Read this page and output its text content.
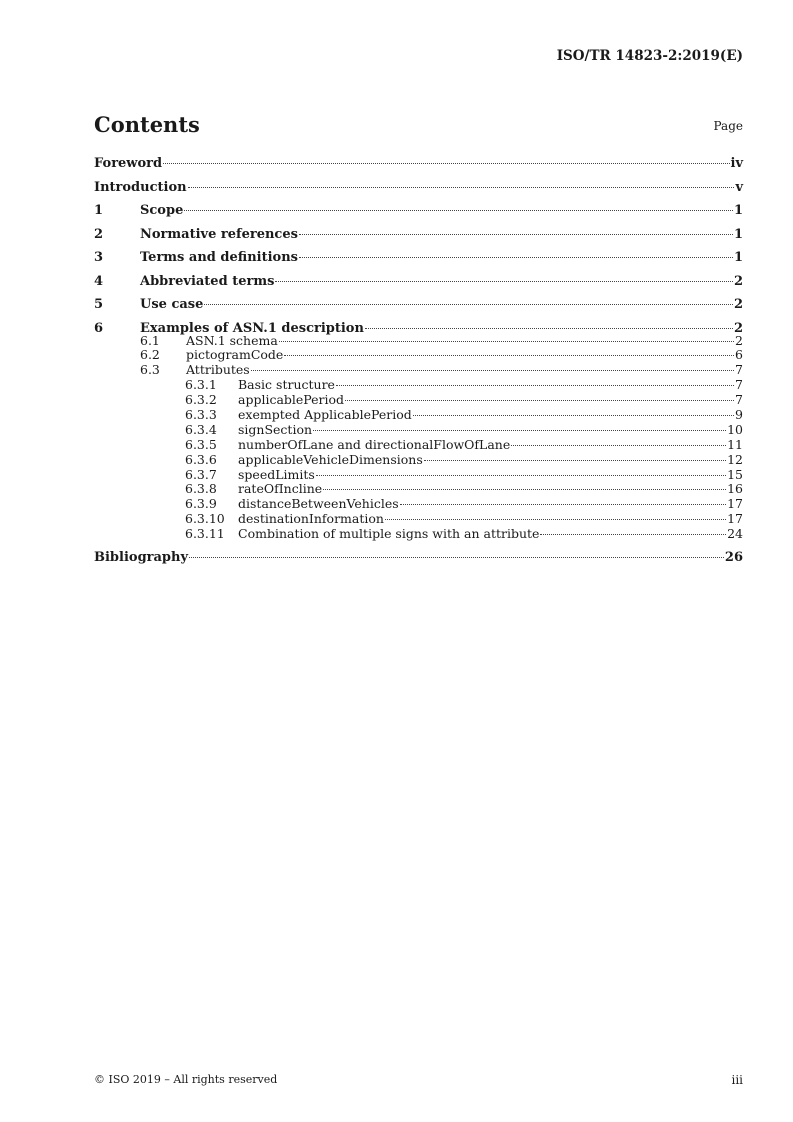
ISO/TR 14823-2:2019(E)
Contents	Page
Foreword	iv
Introduction	v
1	Scope	1
2	Normative references	1
3	Terms and definitions	1
4	Abbreviated terms	2
5	Use case	2
6	Examples of ASN.1 description	2
6.1	ASN.1 schema	2
6.2	pictogramCode	6
6.3	Attributes	7
6.3.1	Basic structure	7
6.3.2	applicablePeriod	7
6.3.3	exempted ApplicablePeriod	9
6.3.4	signSection	10
6.3.5	numberOfLane and directionalFlowOfLane	11
6.3.6	applicableVehicleDimensions	12
6.3.7	speedLimits	15
6.3.8	rateOfIncline	16
6.3.9	distanceBetweenVehicles	17
6.3.10	destinationInformation	17
6.3.11	Combination of multiple signs with an attribute	24
Bibliography	26
© ISO 2019 – All rights reserved	iii
